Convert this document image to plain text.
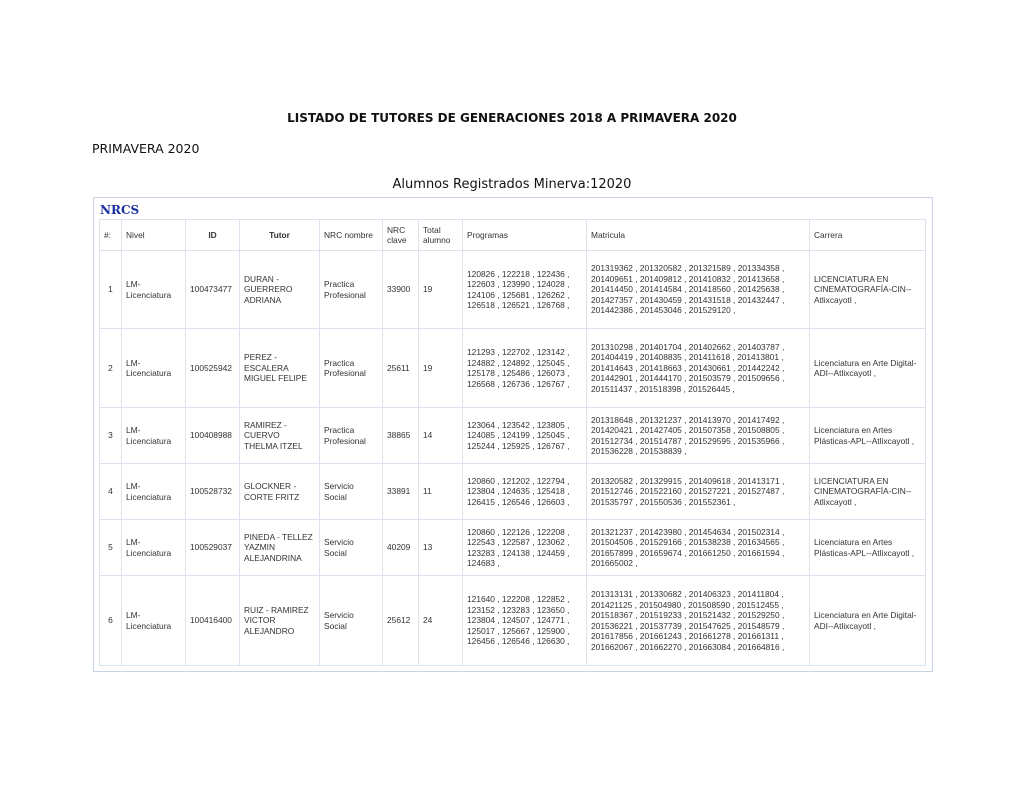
LISTADO DE TUTORES DE GENERACIONES 2018 A PRIMAVERA 2020
PRIMAVERA 2020
Alumnos Registrados Minerva:12020
NRCS
#:	Nivel	ID	Tutor	NRC nombre	NRC clave	Total alumno	Programas	Matricula	Carrera
1	LM-Licenciatura	100473477	DURAN - GUERRERO ADRIANA	Practica Profesional	33900	19	120826 , 122218 , 122436 , 122603 , 123990 , 124028 , 124106 , 125681 , 126262 , 126518 , 126521 , 126768 ,	201319362 , 201320582 , 201321589 , 201334358 , 201409651 , 201409812 , 201410832 , 201413658 , 201414450 , 201414584 , 201418560 , 201425638 , 201427357 , 201430459 , 201431518 , 201432447 , 201442386 , 201453046 , 201529120 ,	LICENCIATURA EN CINEMATOGRAFÍA-CIN--Atlixcayotl ,
2	LM-Licenciatura	100525942	PEREZ - ESCALERA MIGUEL FELIPE	Practica Profesional	25611	19	121293 , 122702 , 123142 , 124882 , 124892 , 125045 , 125178 , 125486 , 126073 , 126568 , 126736 , 126767 ,	201310298 , 201401704 , 201402662 , 201403787 , 201404419 , 201408835 , 201411618 , 201413801 , 201414643 , 201418663 , 201430661 , 201442242 , 201442901 , 201444170 , 201503579 , 201509656 , 201511437 , 201518398 , 201526445 ,	Licenciatura en Arte Digital-ADI--Atlixcayotl ,
3	LM-Licenciatura	100408988	RAMIREZ - CUERVO THELMA ITZEL	Practica Profesional	38865	14	123064 , 123542 , 123805 , 124085 , 124199 , 125045 , 125244 , 125925 , 126767 ,	201318648 , 201321237 , 201413970 , 201417492 , 201420421 , 201427405 , 201507358 , 201508805 , 201512734 , 201514787 , 201529595 , 201535966 , 201536228 , 201538839 ,	Licenciatura en Artes Plásticas-APL--Atlixcayotl ,
4	LM-Licenciatura	100528732	GLOCKNER - CORTE FRITZ	Servicio Social	33891	11	120860 , 121202 , 122794 , 123804 , 124635 , 125418 , 126415 , 126546 , 126603 ,	201320582 , 201329915 , 201409618 , 201413171 , 201512746 , 201522160 , 201527221 , 201527487 , 201535797 , 201550536 , 201552361 ,	LICENCIATURA EN CINEMATOGRAFÍA-CIN--Atlixcayotl ,
5	LM-Licenciatura	100529037	PINEDA - TELLEZ YAZMIN ALEJANDRINA	Servicio Social	40209	13	120860 , 122126 , 122208 , 122543 , 122587 , 123062 , 123283 , 124138 , 124459 , 124683 ,	201321237 , 201423980 , 201454634 , 201502314 , 201504506 , 201529166 , 201538238 , 201634565 , 201657899 , 201659674 , 201661250 , 201661594 , 201665002 ,	Licenciatura en Artes Plásticas-APL--Atlixcayotl ,
6	LM-Licenciatura	100416400	RUIZ - RAMIREZ VICTOR ALEJANDRO	Servicio Social	25612	24	121640 , 122208 , 122852 , 123152 , 123283 , 123650 , 123804 , 124507 , 124771 , 125017 , 125667 , 125900 , 126456 , 126546 , 126630 ,	201313131 , 201330682 , 201406323 , 201411804 , 201421125 , 201504980 , 201508590 , 201512455 , 201518367 , 201519233 , 201521432 , 201529250 , 201536221 , 201537739 , 201547625 , 201548579 , 201617856 , 201661243 , 201661278 , 201661311 , 201662067 , 201662270 , 201663084 , 201664816 ,	Licenciatura en Arte Digital-ADI--Atlixcayotl ,
